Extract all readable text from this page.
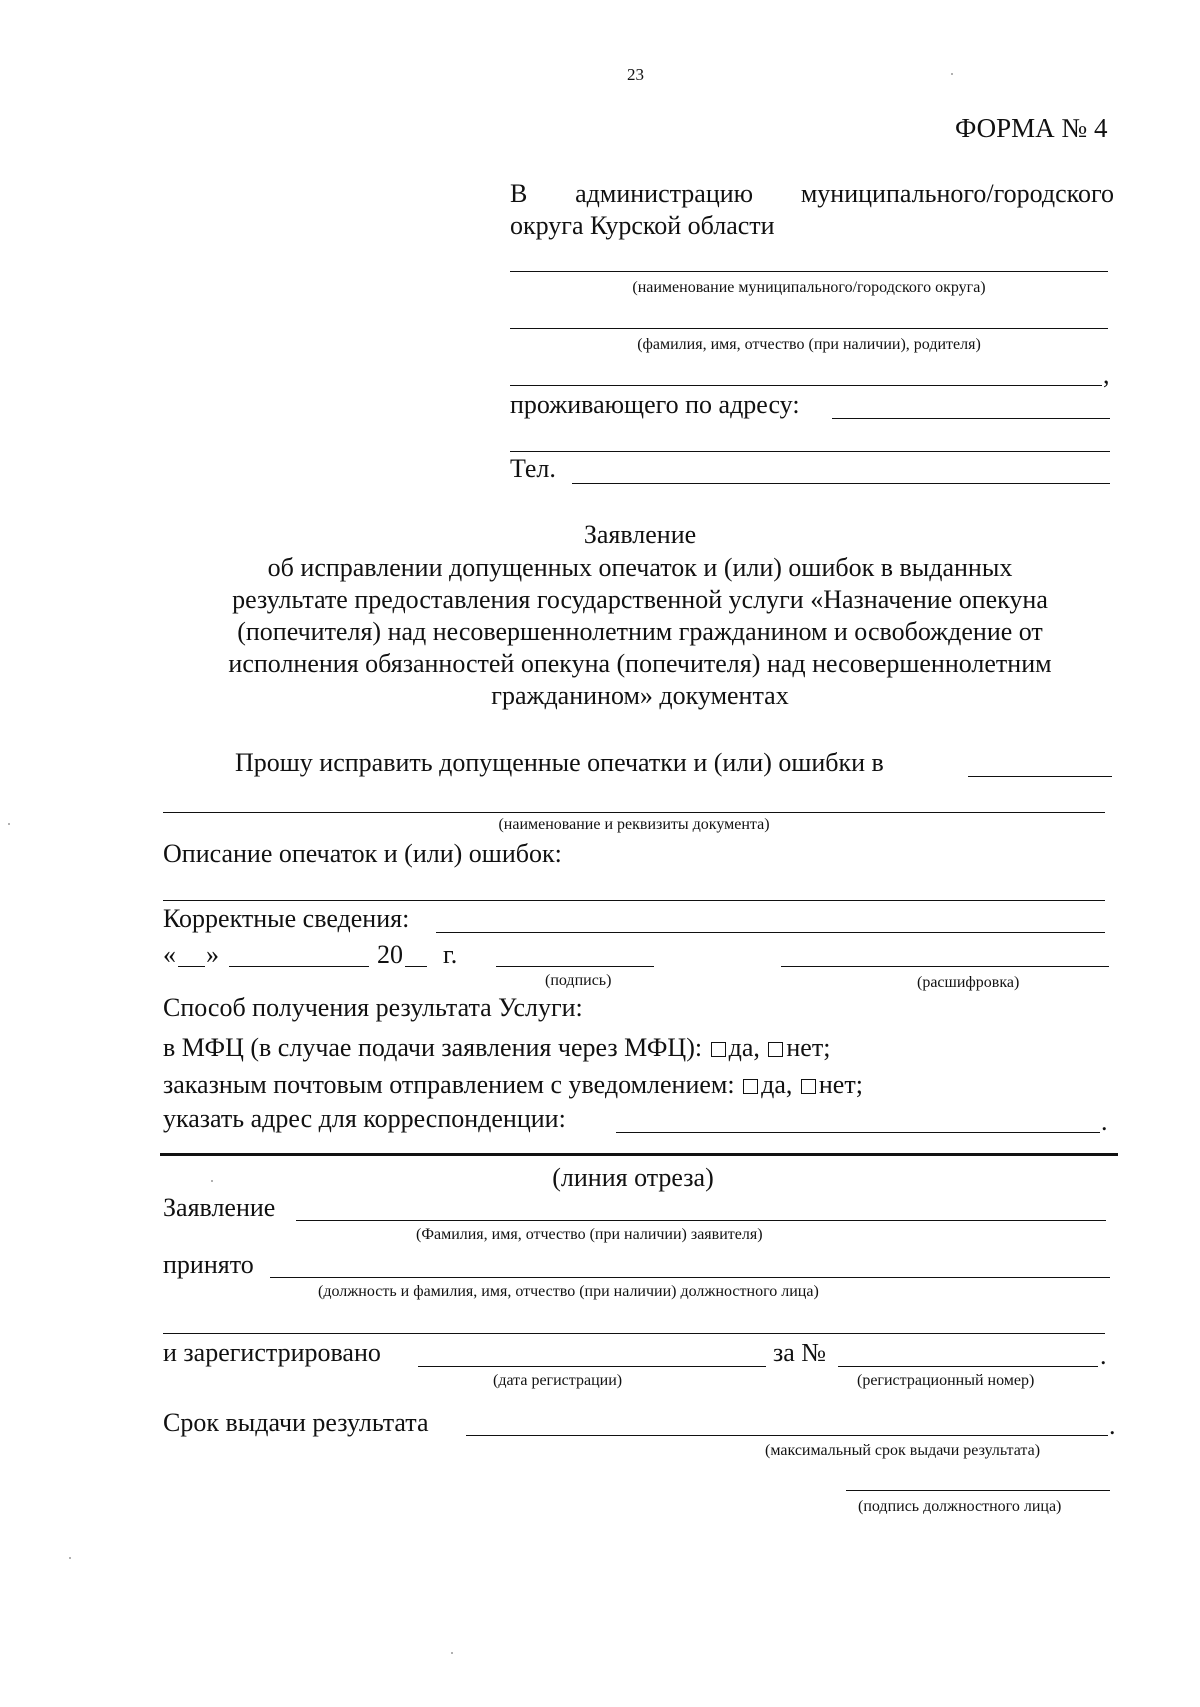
23
ФОРМА № 4
В администрацию муниципального/городского
округа Курской области
(наименование муниципального/городского округа)
(фамилия, имя, отчество (при наличии), родителя)
,
проживающего по адресу:
Тел.
Заявление
об исправлении допущенных опечаток и (или) ошибок в выданных
результате предоставления государственной услуги «Назначение опекуна
(попечителя) над несовершеннолетним гражданином и освобождение от
исполнения обязанностей опекуна (попечителя) над несовершеннолетним
гражданином» документах
Прошу исправить допущенные опечатки и (или) ошибки в
(наименование и реквизиты документа)
Описание опечаток и (или) ошибок:
Корректные сведения:
« »	20 г.
(подпись)	(расшифровка)
Способ получения результата Услуги:
в МФЦ (в случае подачи заявления через МФЦ): да, нет;
заказным почтовым отправлением с уведомлением: да, нет;
указать адрес для корреспонденции:	.
(линия отреза)
Заявление
(Фамилия, имя, отчество (при наличии) заявителя)
принято
(должность и фамилия, имя, отчество (при наличии) должностного лица)
и зарегистрировано	за №	.
(дата регистрации)	(регистрационный номер)
Срок выдачи результата	.
(максимальный срок выдачи результата)
(подпись должностного лица)
